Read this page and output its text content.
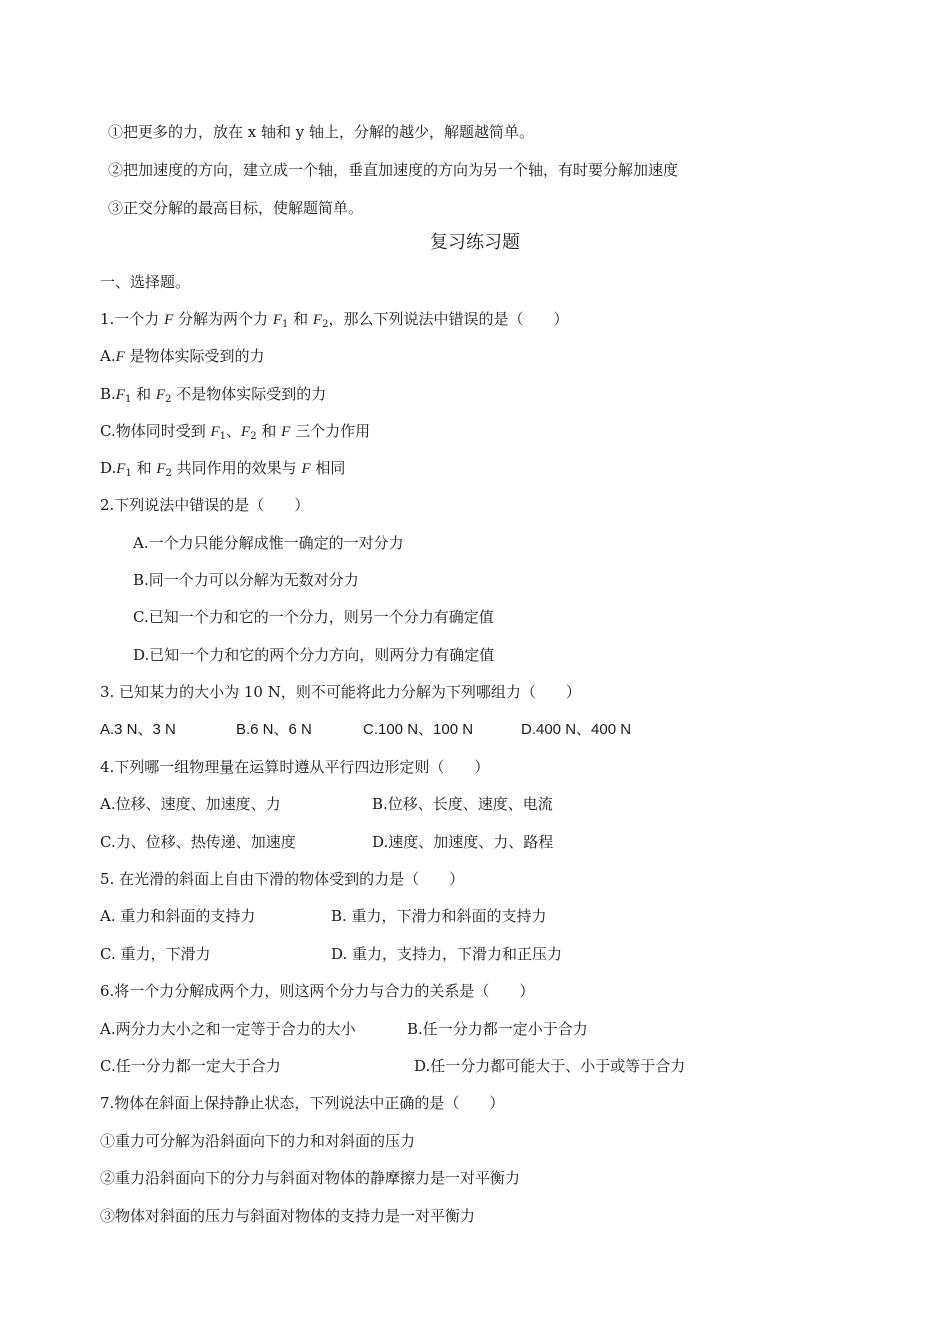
①把更多的力，放在 x 轴和 y 轴上，分解的越少，解题越简单。
②把加速度的方向，建立成一个轴，垂直加速度的方向为另一个轴，有时要分解加速度
③正交分解的最高目标，使解题简单。
复习练习题
一、选择题。
1.一个力 F 分解为两个力 $F_1$ 和 $F_2$，那么下列说法中错误的是（　　）
A.F 是物体实际受到的力
$B.F_1$ 和 $F_2$ 不是物体实际受到的力
C.物体同时受到 $F_1$、$F_2$ 和 F 三个力作用
$D.F_1$ 和 $F_2$ 共同作用的效果与 F 相同
2.下列说法中错误的是（　　）
A.一个力只能分解成惟一确定的一对分力
B.同一个力可以分解为无数对分力
C.已知一个力和它的一个分力，则另一个分力有确定值
D.已知一个力和它的两个分力方向，则两分力有确定值
3. 已知某力的大小为 10 N，则不可能将此力分解为下列哪组力（　　）
A.3 N、3 N	B.6 N、6 N	C.100 N、100 N	D.400 N、400 N
4.下列哪一组物理量在运算时遵从平行四边形定则（　　）
A.位移、速度、加速度、力	B.位移、长度、速度、电流
C.力、位移、热传递、加速度	D.速度、加速度、力、路程
5. 在光滑的斜面上自由下滑的物体受到的力是（　　）
A. 重力和斜面的支持力	B. 重力，下滑力和斜面的支持力
C. 重力，下滑力	D. 重力，支持力，下滑力和正压力
6.将一个力分解成两个力，则这两个分力与合力的关系是（　　）
A.两分力大小之和一定等于合力的大小	B.任一分力都一定小于合力
C.任一分力都一定大于合力	D.任一分力都可能大于、小于或等于合力
7.物体在斜面上保持静止状态，下列说法中正确的是（　　）
①重力可分解为沿斜面向下的力和对斜面的压力
②重力沿斜面向下的分力与斜面对物体的静摩擦力是一对平衡力
③物体对斜面的压力与斜面对物体的支持力是一对平衡力
